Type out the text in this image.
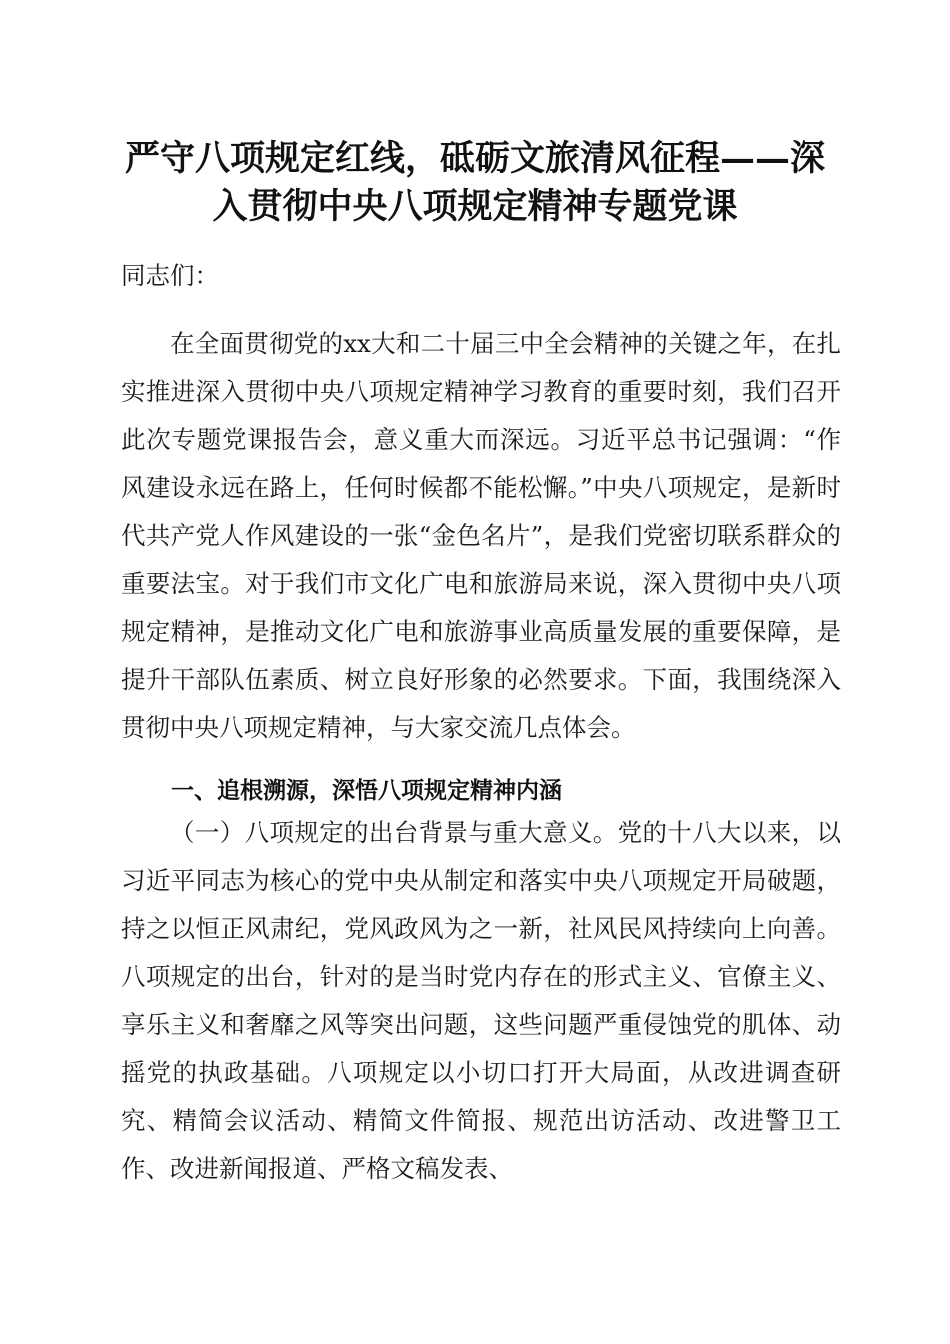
严守八项规定红线，砥砺文旅清风征程——深
入贯彻中央八项规定精神专题党课
同志们：
在全面贯彻党的xx大和二十届三中全会精神的关键之年，在扎实推进深入贯彻中央八项规定精神学习教育的重要时刻，我们召开此次专题党课报告会，意义重大而深远。习近平总书记强调：“作风建设永远在路上，任何时候都不能松懈。”中央八项规定，是新时代共产党人作风建设的一张“金色名片”，是我们党密切联系群众的重要法宝。对于我们市文化广电和旅游局来说，深入贯彻中央八项规定精神，是推动文化广电和旅游事业高质量发展的重要保障，是提升干部队伍素质、树立良好形象的必然要求。下面，我围绕深入贯彻中央八项规定精神，与大家交流几点体会。
一、追根溯源，深悟八项规定精神内涵
（一）八项规定的出台背景与重大意义。党的十八大以来，以习近平同志为核心的党中央从制定和落实中央八项规定开局破题，持之以恒正风肃纪，党风政风为之一新，社风民风持续向上向善。八项规定的出台，针对的是当时党内存在的形式主义、官僚主义、享乐主义和奢靡之风等突出问题，这些问题严重侵蚀党的肌体、动摇党的执政基础。八项规定以小切口打开大局面，从改进调查研究、精简会议活动、精简文件简报、规范出访活动、改进警卫工作、改进新闻报道、严格文稿发表、
